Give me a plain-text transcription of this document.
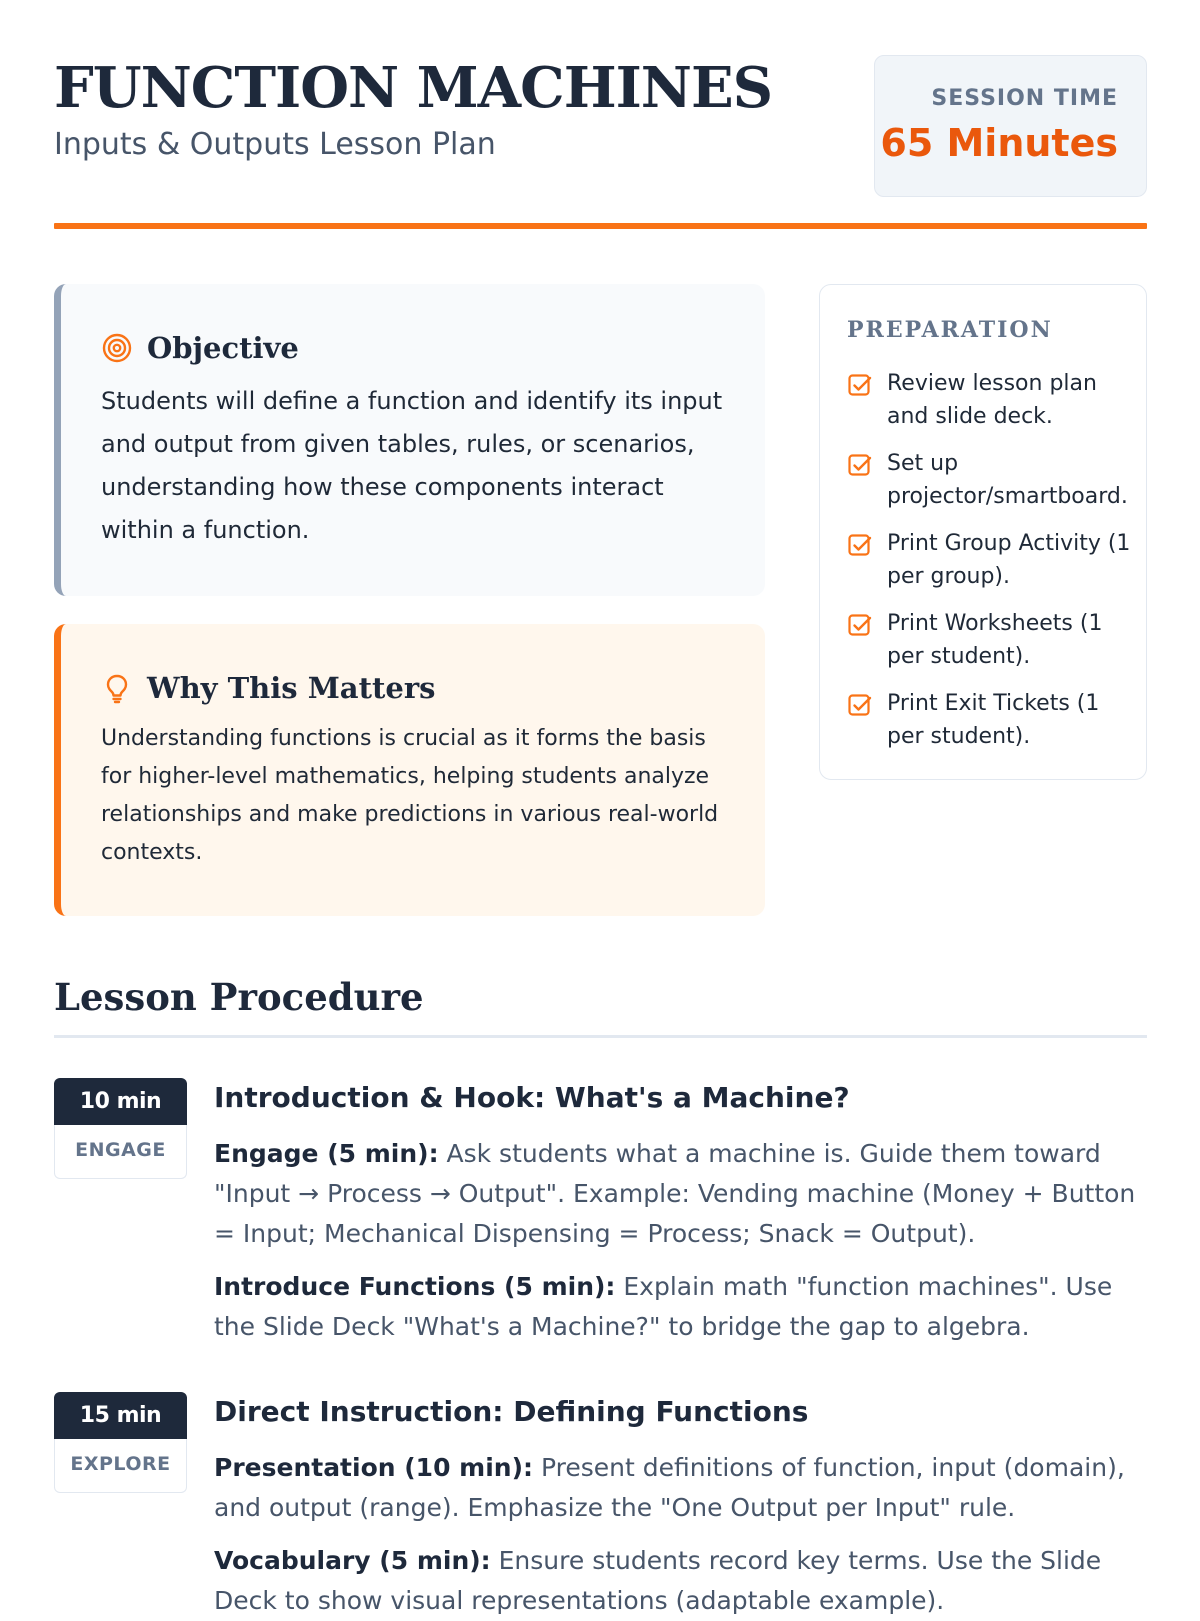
FUNCTION MACHINES
Inputs & Outputs Lesson Plan
SESSION TIME
65 Minutes
Objective
Students will define a function and identify its input and output from given tables, rules, or scenarios, understanding how these components interact within a function.
Why This Matters
Understanding functions is crucial as it forms the basis for higher-level mathematics, helping students analyze relationships and make predictions in various real-world contexts.
PREPARATION
Review lesson plan and slide deck.
Set up projector/smartboard.
Print Group Activity (1 per group).
Print Worksheets (1 per student).
Print Exit Tickets (1 per student).
Lesson Procedure
10 min
ENGAGE
Introduction & Hook: What's a Machine?

Engage (5 min): Ask students what a machine is. Guide them toward "Input → Process → Output". Example: Vending machine (Money + Button = Input; Mechanical Dispensing = Process; Snack = Output).

Introduce Functions (5 min): Explain math "function machines". Use the Slide Deck "What's a Machine?" to bridge the gap to algebra.

15 min
EXPLORE
Direct Instruction: Defining Functions

Presentation (10 min): Present definitions of function, input (domain), and output (range). Emphasize the "One Output per Input" rule.

Vocabulary (5 min): Ensure students record key terms. Use the Slide Deck to show visual representations (adaptable example).
